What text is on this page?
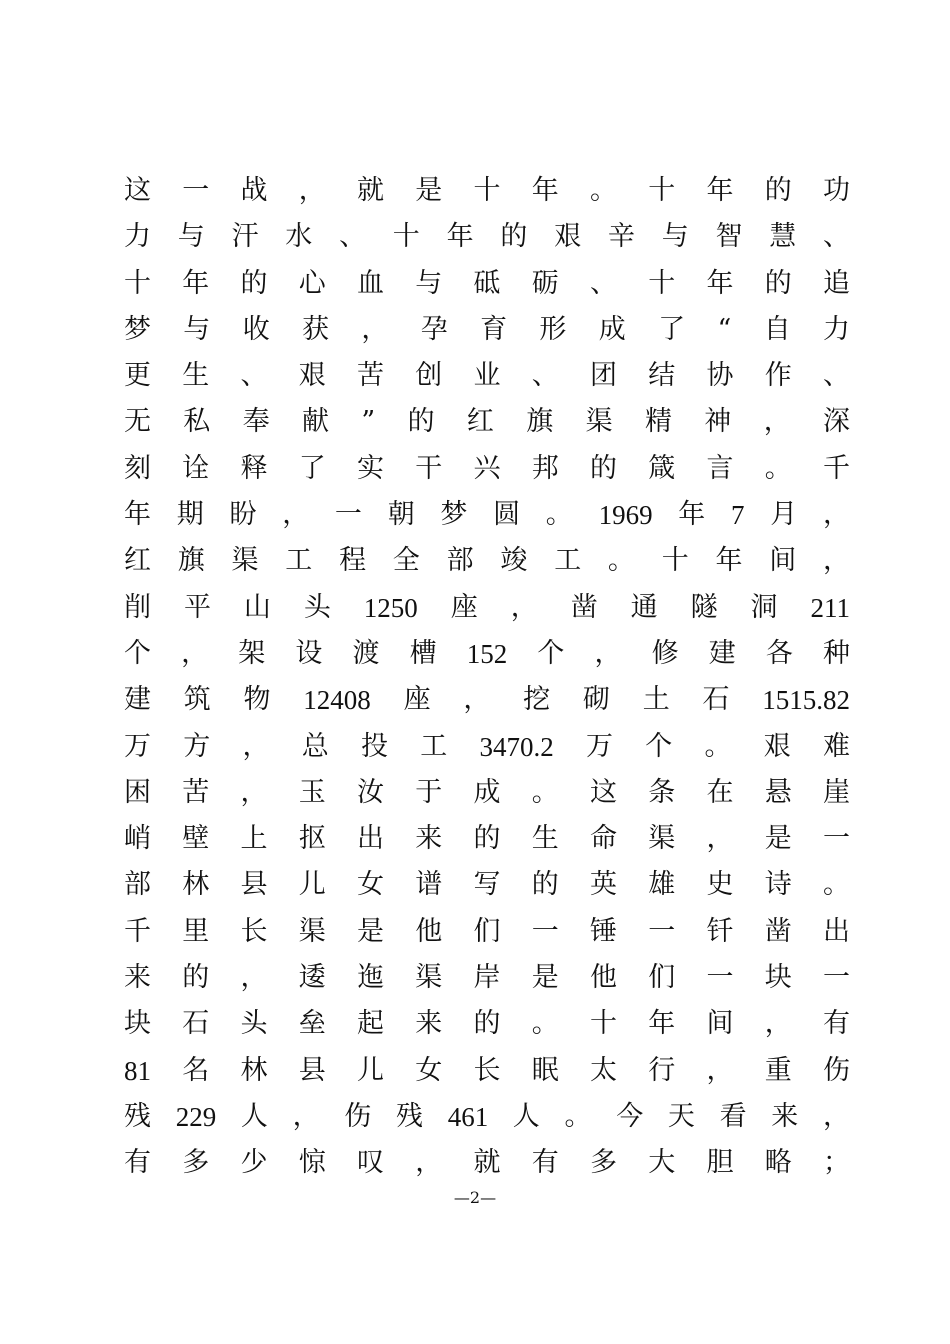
这 一 战 ， 就 是 十 年 。 十 年 的 功
力 与 汗 水 、 十 年 的 艰 辛 与 智 慧 、
十 年 的 心 血 与 砥 砺 、 十 年 的 追
梦 与 收 获 ， 孕 育 形 成 了 “ 自 力
更 生 、 艰 苦 创 业 、 团 结 协 作 、
无 私 奉 献 ” 的 红 旗 渠 精 神 ， 深
刻 诠 释 了 实 干 兴 邦 的 箴 言 。 千
年 期 盼 ， 一 朝 梦 圆 。 1969 年 7 月 ，
红 旗 渠 工 程 全 部 竣 工 。 十 年 间 ，
削 平 山 头 1250 座 ， 凿 通 隧 洞 211
个 ， 架 设 渡 槽 152 个 ， 修 建 各 种
建 筑 物 12408 座 ， 挖 砌 土 石 1515.82
万 方 ， 总 投 工 3470.2 万 个 。 艰 难
困 苦 ， 玉 汝 于 成 。 这 条 在 悬 崖
峭 壁 上 抠 出 来 的 生 命 渠 ， 是 一
部 林 县 儿 女 谱 写 的 英 雄 史 诗 。
千 里 长 渠 是 他 们 一 锤 一 钎 凿 出
来 的 ， 逶 迤 渠 岸 是 他 们 一 块 一
块 石 头 垒 起 来 的 。 十 年 间 ， 有
81 名 林 县 儿 女 长 眠 太 行 ， 重 伤
残 229 人 ， 伤 残 461 人 。 今 天 看 来 ，
有 多 少 惊 叹 ， 就 有 多 大 胆 略 ；
—2—
